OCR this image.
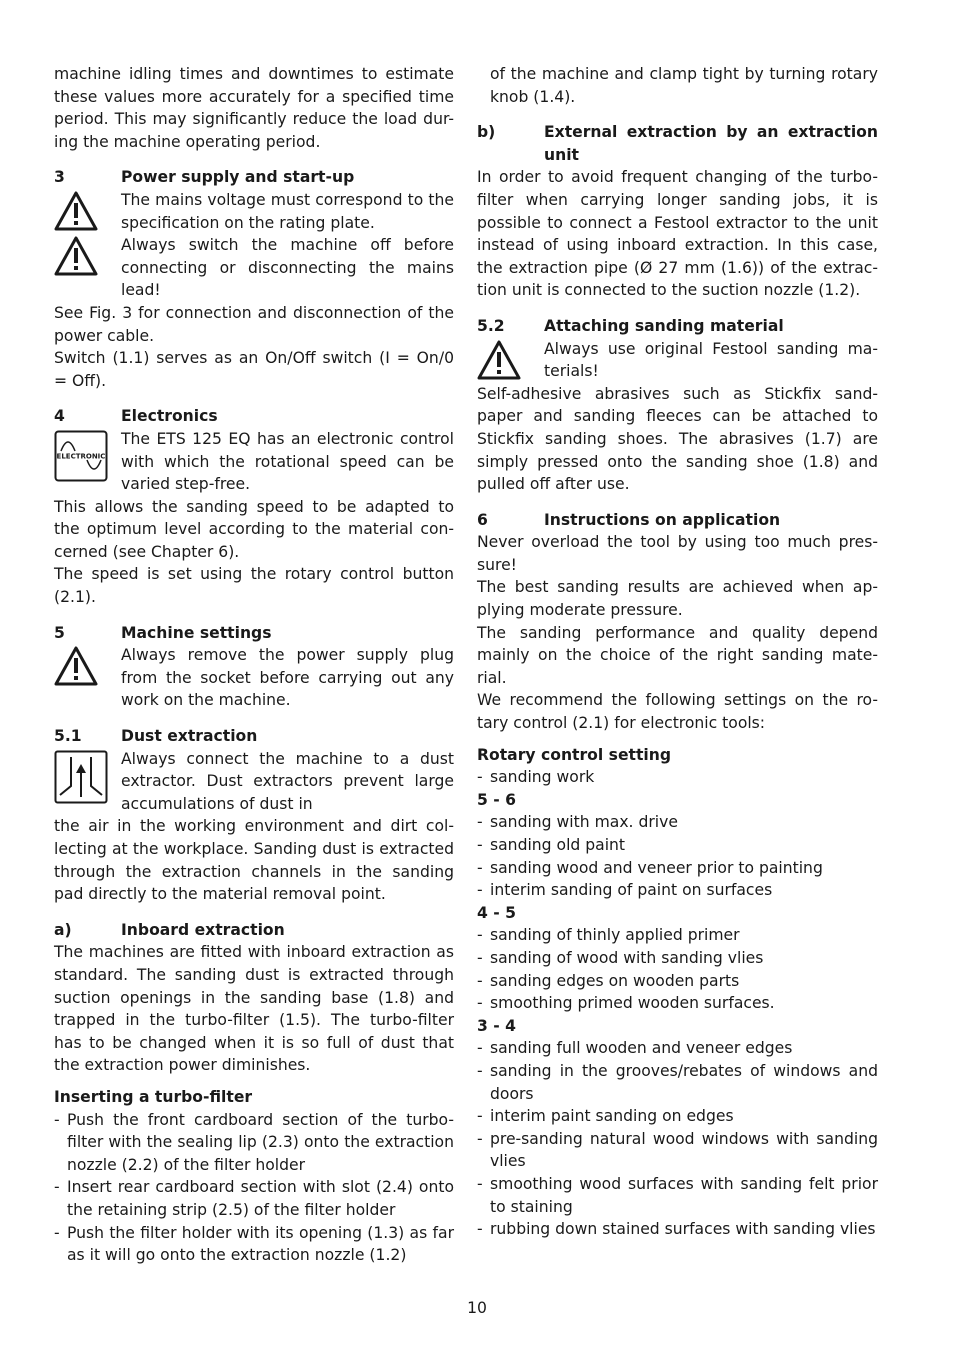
machine idling times and downtimes to estimate these values more accurately for a specified time period. This may significantly reduce the load dur-ing the machine operating period.

3	Power supply and start-up
The mains voltage must correspond to the specification on the rating plate.
Always switch the machine off before connecting or disconnecting the mains lead!

See Fig. 3 for connection and disconnection of the power cable.

Switch (1.1) serves as an On/Off switch (I = On/0 = Off).

4	Electronics
ELECTRONIC
The ETS 125 EQ has an electronic control with which the rotational speed can be varied step-free.

This allows the sanding speed to be adapted to the optimum level according to the material con-cerned (see Chapter 6).

The speed is set using the rotary control button (2.1).

5	Machine settings
Always remove the power supply plug from the socket before carrying out any work on the machine.
5.1	Dust extraction
Always connect the machine to a dust extractor. Dust extractors prevent large accumulations of dust in

the air in the working environment and dirt col-lecting at the workplace. Sanding dust is extracted through the extraction channels in the sanding pad directly to the material removal point.

a)	Inboard extraction

The machines are fitted with inboard extraction as standard. The sanding dust is extracted through suction openings in the sanding base (1.8) and trapped in the turbo-filter (1.5). The turbo-filter has to be changed when it is so full of dust that the extraction power diminishes.

Inserting a turbo-filter
- Push the front cardboard section of the turbo-filter with the sealing lip (2.3) onto the extraction nozzle (2.2) of the filter holder
- Insert rear cardboard section with slot (2.4) onto the retaining strip (2.5) of the filter holder
- Push the filter holder with its opening (1.3) as far as it will go onto the extraction nozzle (1.2)

of the machine and clamp tight by turning rotary knob (1.4).

b)	External extraction by an extraction unit

In order to avoid frequent changing of the turbo-filter when carrying longer sanding jobs, it is possible to connect a Festool extractor to the unit instead of using inboard extraction. In this case, the extraction pipe (Ø 27 mm (1.6)) of the extrac-tion unit is connected to the suction nozzle (1.2).

5.2	Attaching sanding material
Always use original Festool sanding ma-terials!

Self-adhesive abrasives such as Stickfix sand-paper and sanding fleeces can be attached to Stickfix sanding shoes. The abrasives (1.7) are simply pressed onto the sanding shoe (1.8) and pulled off after use.

6	Instructions on application

Never overload the tool by using too much pres-sure!

The best sanding results are achieved when ap-plying moderate pressure.

The sanding performance and quality depend mainly on the choice of the right sanding mate-rial.

We recommend the following settings on the ro-tary control (2.1) for electronic tools:

Rotary control setting
- sanding work
5 - 6
- sanding with max. drive
- sanding old paint
- sanding wood and veneer prior to painting
- interim sanding of paint on surfaces
4 - 5
- sanding of thinly applied primer
- sanding of wood with sanding vlies
- sanding edges on wooden parts
- smoothing primed wooden surfaces.
3 - 4
- sanding full wooden and veneer edges
- sanding in the grooves/rebates of windows and doors
- interim paint sanding on edges
- pre-sanding natural wood windows with sanding vlies
- smoothing wood surfaces with sanding felt prior to staining
- rubbing down stained surfaces with sanding vlies
10
